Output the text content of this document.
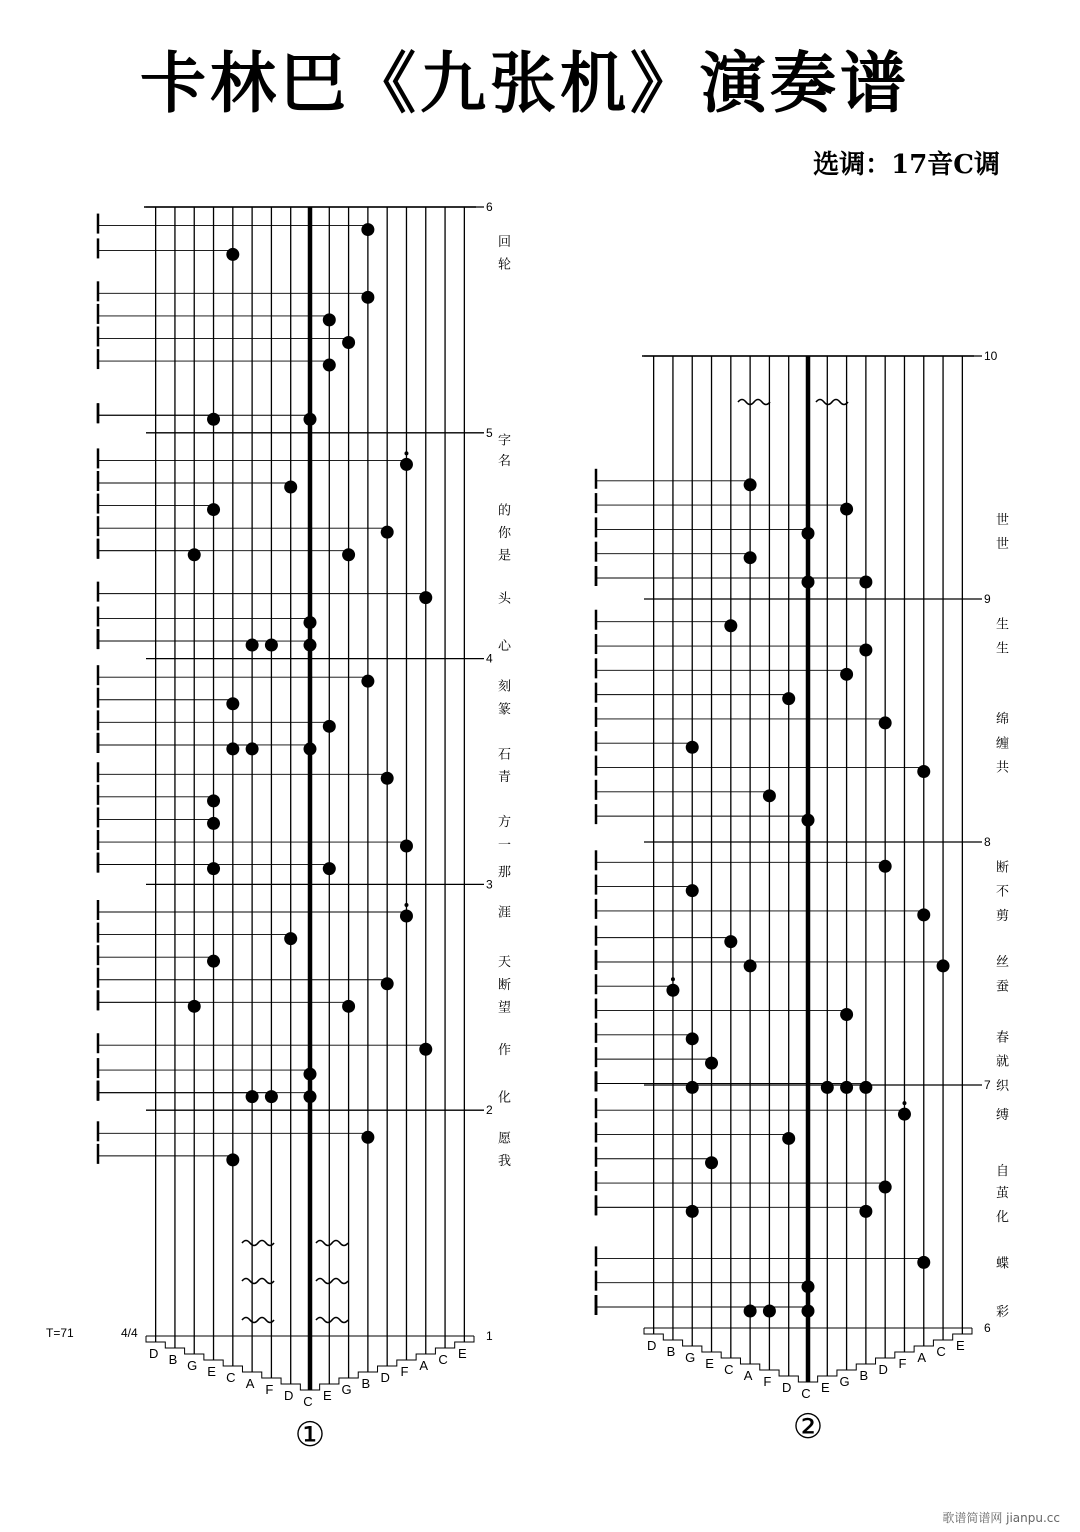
卡林巴《九张机》演奏谱
选调：17音C调
T=71	4/4
D B G E C A F D C E G B D F A C E
6
5
4
3
2
1
回
轮
字
名
的
你
是
头
心
刻
篆
石
青
方
一
那
涯
天
断
望
作
化
愿
我
①
D B G E C A F D C E G B D F A C E
10
9
8
7
6
世
世
生
生
绵
缠
共
断
不
剪
丝
蚕
春
就
织
缚
自
茧
化
蝶
彩
②
歌谱简谱网 jianpu.cc
